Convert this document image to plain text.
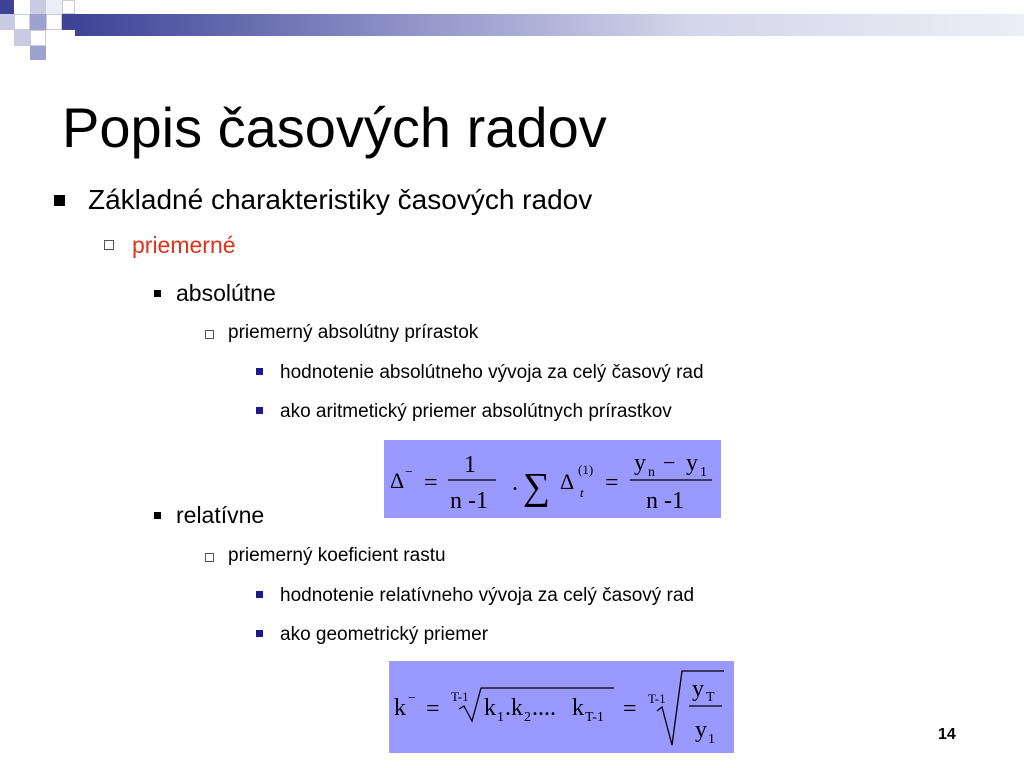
Popis časových radov
Základné charakteristiky časových radov
priemerné
absolútne
priemerný absolútny prírastok
hodnotenie absolútneho vývoja za celý časový rad
ako aritmetický priemer absolútnych prírastkov
Δ − =
1
n -1
. ∑ Δ (1)
t =
y n − y 1
n -1
relatívne
priemerný koeficient rastu
hodnotenie relatívneho vývoja za celý časový rad
ako geometrický priemer
k − = T-1 k 1 . k 2 .... k T-1 = T-1 y T
y 1	14
